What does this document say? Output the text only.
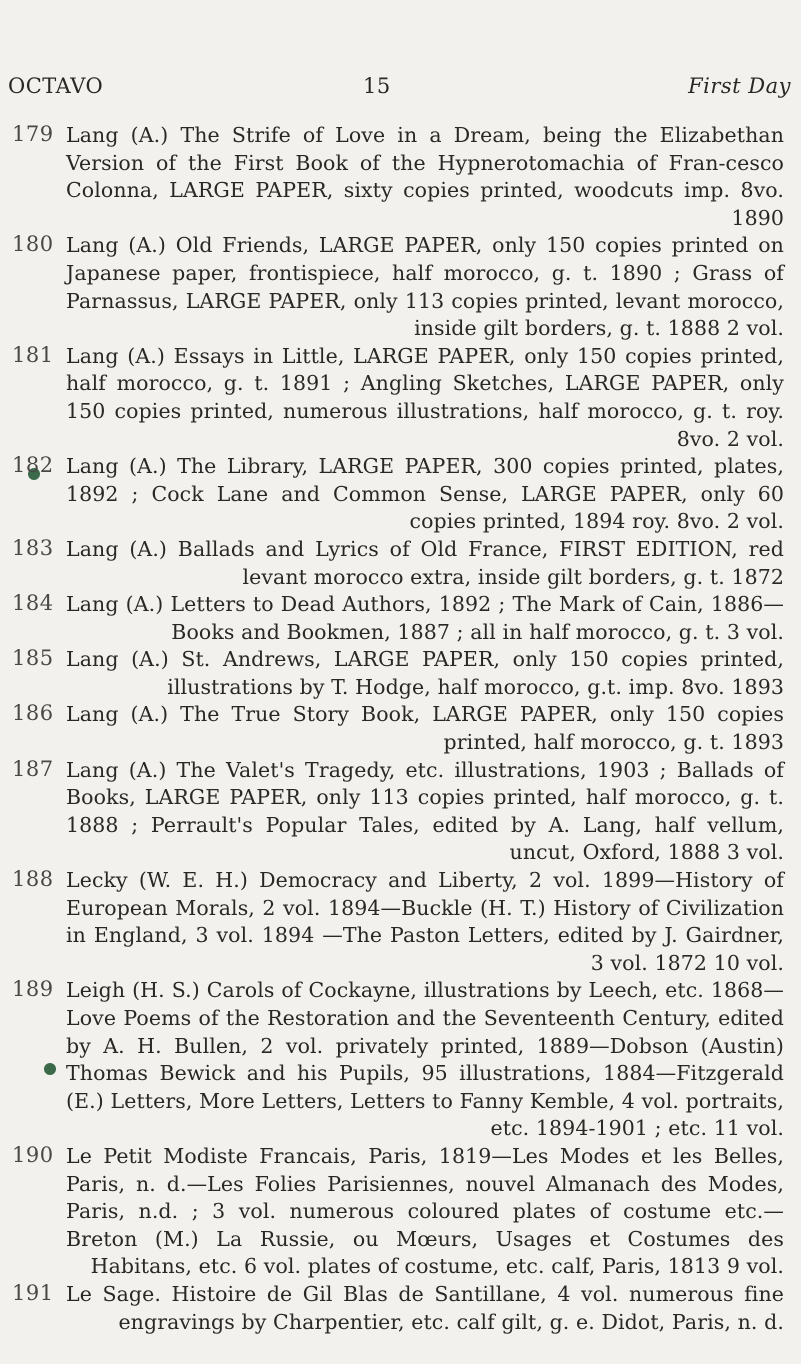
OCTAVO	15	First Day
179 Lang (A.) The Strife of Love in a Dream, being the Elizabethan Version of the First Book of the Hypnerotomachia of Fran-cesco Colonna, LARGE PAPER, sixty copies printed, woodcuts imp. 8vo. 1890
180 Lang (A.) Old Friends, LARGE PAPER, only 150 copies printed on Japanese paper, frontispiece, half morocco, g. t. 1890 ; Grass of Parnassus, LARGE PAPER, only 113 copies printed, levant morocco, inside gilt borders, g. t. 1888 2 vol.
181 Lang (A.) Essays in Little, LARGE PAPER, only 150 copies printed, half morocco, g. t. 1891 ; Angling Sketches, LARGE PAPER, only 150 copies printed, numerous illustrations, half morocco, g. t. roy. 8vo. 2 vol.
182 Lang (A.) The Library, LARGE PAPER, 300 copies printed, plates, 1892 ; Cock Lane and Common Sense, LARGE PAPER, only 60 copies printed, 1894 roy. 8vo. 2 vol.
183 Lang (A.) Ballads and Lyrics of Old France, FIRST EDITION, red levant morocco extra, inside gilt borders, g. t. 1872
184 Lang (A.) Letters to Dead Authors, 1892 ; The Mark of Cain, 1886—Books and Bookmen, 1887 ; all in half morocco, g. t. 3 vol.
185 Lang (A.) St. Andrews, LARGE PAPER, only 150 copies printed, illustrations by T. Hodge, half morocco, g.t. imp. 8vo. 1893
186 Lang (A.) The True Story Book, LARGE PAPER, only 150 copies printed, half morocco, g. t. 1893
187 Lang (A.) The Valet's Tragedy, etc. illustrations, 1903 ; Ballads of Books, LARGE PAPER, only 113 copies printed, half morocco, g. t. 1888 ; Perrault's Popular Tales, edited by A. Lang, half vellum, uncut, Oxford, 1888 3 vol.
188 Lecky (W. E. H.) Democracy and Liberty, 2 vol. 1899—History of European Morals, 2 vol. 1894—Buckle (H. T.) History of Civilization in England, 3 vol. 1894 —The Paston Letters, edited by J. Gairdner, 3 vol. 1872 10 vol.
189 Leigh (H. S.) Carols of Cockayne, illustrations by Leech, etc. 1868—Love Poems of the Restoration and the Seventeenth Century, edited by A. H. Bullen, 2 vol. privately printed, 1889—Dobson (Austin) Thomas Bewick and his Pupils, 95 illustrations, 1884—Fitzgerald (E.) Letters, More Letters, Letters to Fanny Kemble, 4 vol. portraits, etc. 1894-1901 ; etc. 11 vol.
190 Le Petit Modiste Francais, Paris, 1819—Les Modes et les Belles, Paris, n. d.—Les Folies Parisiennes, nouvel Almanach des Modes, Paris, n.d. ; 3 vol. numerous coloured plates of costume etc.—Breton (M.) La Russie, ou Mœurs, Usages et Costumes des Habitans, etc. 6 vol. plates of costume, etc. calf, Paris, 1813 9 vol.
191 Le Sage. Histoire de Gil Blas de Santillane, 4 vol. numerous fine engravings by Charpentier, etc. calf gilt, g. e. Didot, Paris, n. d.
